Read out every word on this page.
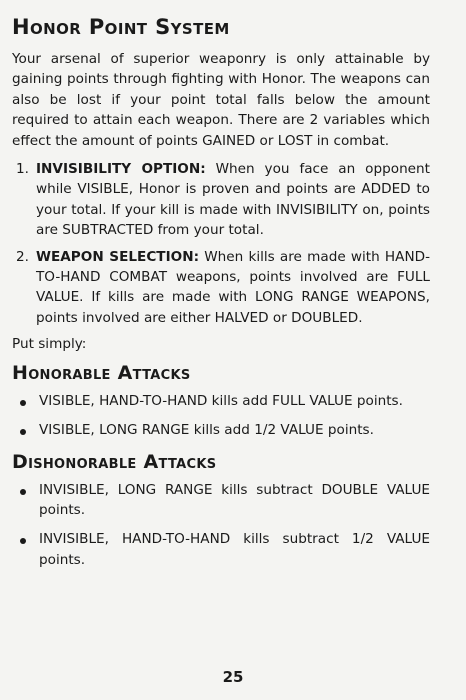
Honor Point System

Your arsenal of superior weaponry is only attainable by gaining points through fighting with Honor. The weapons can also be lost if your point total falls below the amount required to attain each weapon. There are 2 variables which effect the amount of points GAINED or LOST in combat.

1. INVISIBILITY OPTION: When you face an opponent while VISIBLE, Honor is proven and points are ADDED to your total. If your kill is made with INVISIBILITY on, points are SUBTRACTED from your total.
2. WEAPON SELECTION: When kills are made with HAND-TO-HAND COMBAT weapons, points involved are FULL VALUE. If kills are made with LONG RANGE WEAPONS, points involved are either HALVED or DOUBLED.

Put simply:

Honorable Attacks
VISIBLE, HAND-TO-HAND kills add FULL VALUE points.
VISIBLE, LONG RANGE kills add 1/2 VALUE points.
Dishonorable Attacks
INVISIBLE, LONG RANGE kills subtract DOUBLE VALUE points.
INVISIBLE, HAND-TO-HAND kills subtract 1/2 VALUE points.
25
